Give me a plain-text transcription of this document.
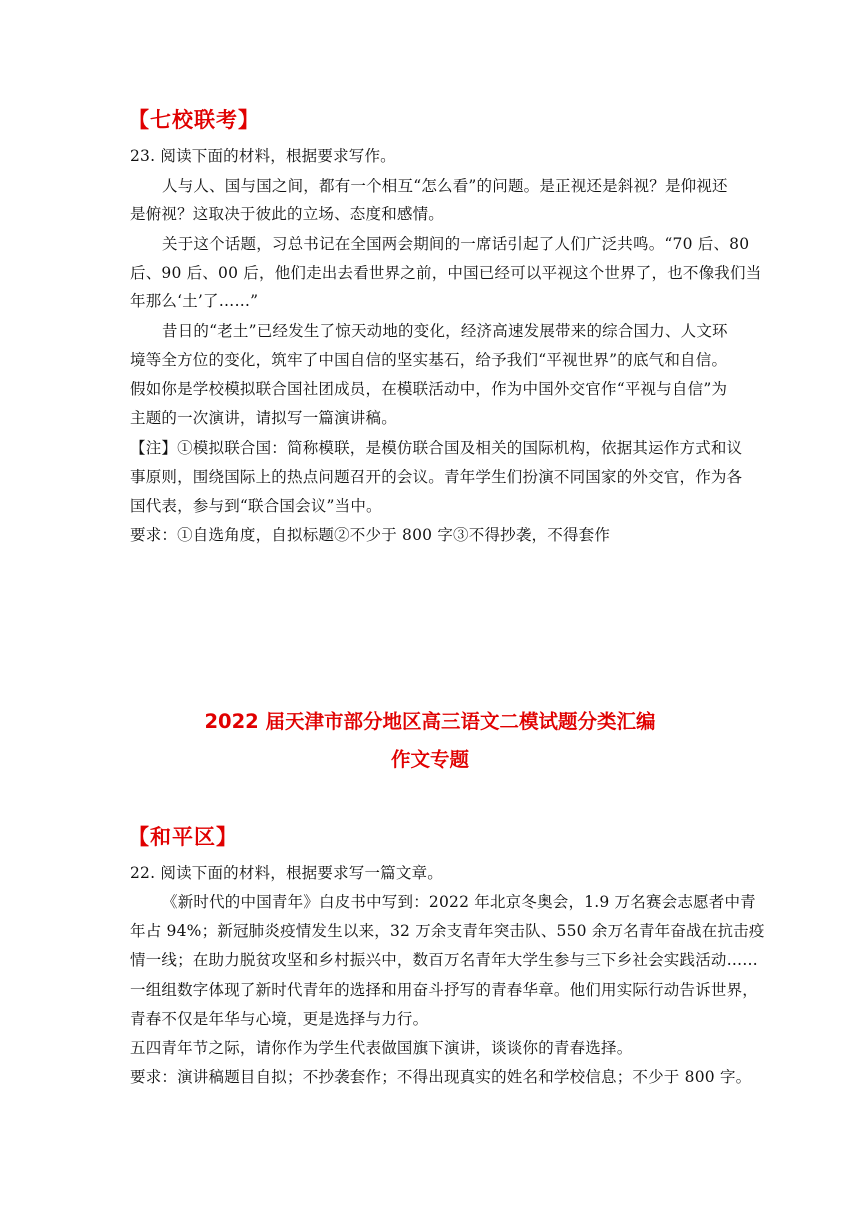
【七校联考】
23. 阅读下面的材料，根据要求写作。
人与人、国与国之间，都有一个相互“怎么看”的问题。是正视还是斜视？是仰视还
是俯视？这取决于彼此的立场、态度和感情。
关于这个话题，习总书记在全国两会期间的一席话引起了人们广泛共鸣。“70 后、80
后、90 后、00 后，他们走出去看世界之前，中国已经可以平视这个世界了，也不像我们当
年那么‘土’了……”
昔日的“老土”已经发生了惊天动地的变化，经济高速发展带来的综合国力、人文环
境等全方位的变化，筑牢了中国自信的坚实基石，给予我们“平视世界”的底气和自信。
假如你是学校模拟联合国社团成员，在模联活动中，作为中国外交官作“平视与自信”为
主题的一次演讲，请拟写一篇演讲稿。
【注】①模拟联合国：简称模联，是模仿联合国及相关的国际机构，依据其运作方式和议
事原则，围绕国际上的热点问题召开的会议。青年学生们扮演不同国家的外交官，作为各
国代表，参与到“联合国会议”当中。
要求：①自选角度，自拟标题②不少于 800 字③不得抄袭，不得套作
2022 届天津市部分地区高三语文二模试题分类汇编
作文专题
【和平区】
22. 阅读下面的材料，根据要求写一篇文章。
《新时代的中国青年》白皮书中写到：2022 年北京冬奥会，1.9 万名赛会志愿者中青
年占 94%；新冠肺炎疫情发生以来，32 万余支青年突击队、550 余万名青年奋战在抗击疫
情一线；在助力脱贫攻坚和乡村振兴中，数百万名青年大学生参与三下乡社会实践活动……
一组组数字体现了新时代青年的选择和用奋斗抒写的青春华章。他们用实际行动告诉世界，
青春不仅是年华与心境，更是选择与力行。
五四青年节之际，请你作为学生代表做国旗下演讲，谈谈你的青春选择。
要求：演讲稿题目自拟；不抄袭套作；不得出现真实的姓名和学校信息；不少于 800 字。
